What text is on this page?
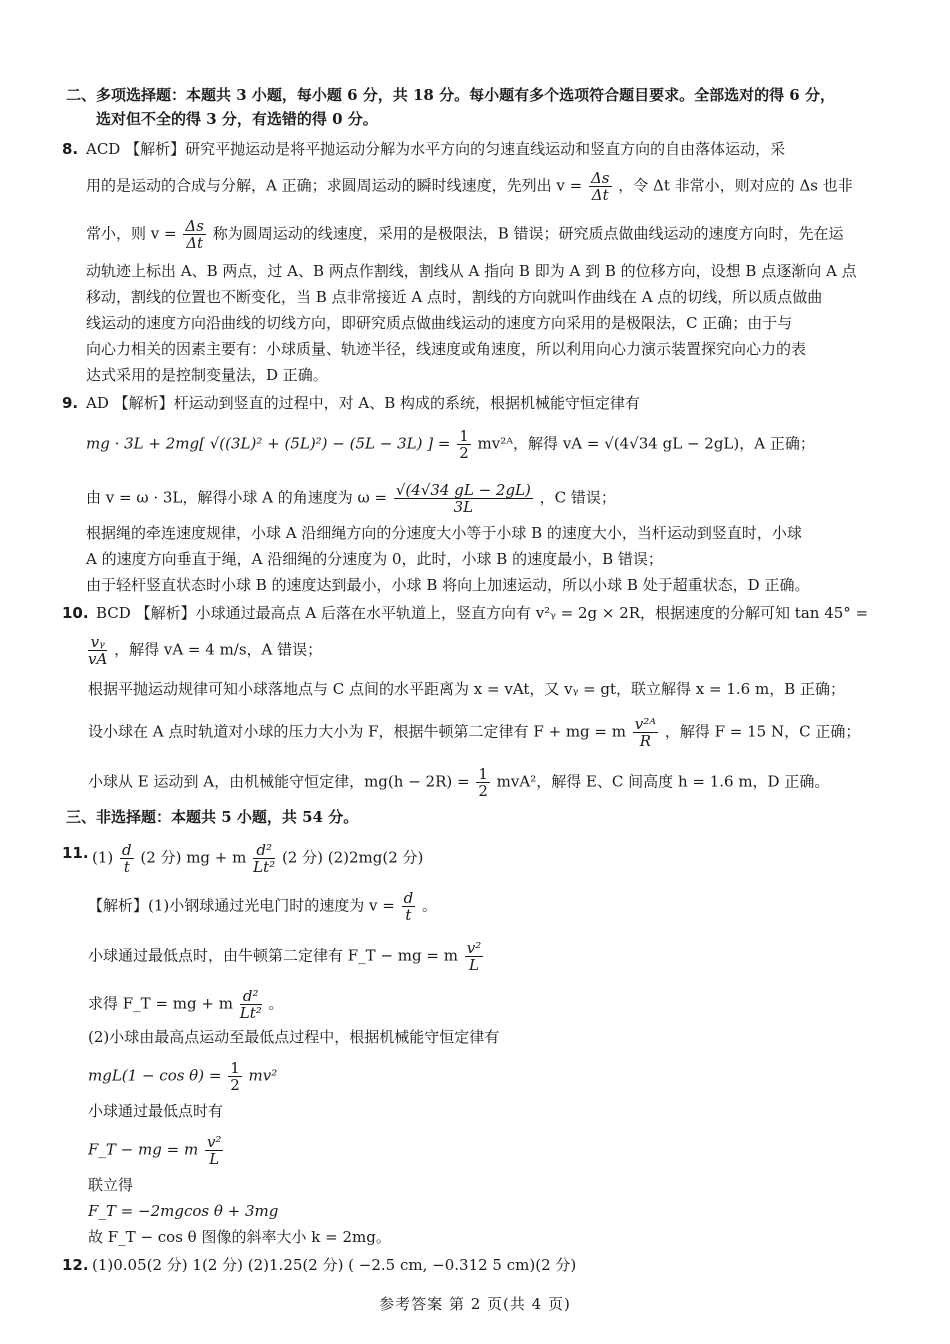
二、多项选择题：本题共 3 小题，每小题 6 分，共 18 分。每小题有多个选项符合题目要求。全部选对的得 6 分，
选对但不全的得 3 分，有选错的得 0 分。
8. ACD 【解析】研究平抛运动是将平抛运动分解为水平方向的匀速直线运动和竖直方向的自由落体运动，采
用的是运动的合成与分解，A 正确；求圆周运动的瞬时线速度，先列出 $v = \frac{\Delta s}{\Delta t}$ ，令 Δt 非常小，则对应的 Δs 也非
常小，则 $v = \frac{\Delta s}{\Delta t}$ 称为圆周运动的线速度，采用的是极限法，B 错误；研究质点做曲线运动的速度方向时，先在运
动轨迹上标出 A、B 两点，过 A、B 两点作割线，割线从 A 指向 B 即为 A 到 B 的位移方向，设想 B 点逐渐向 A 点
移动，割线的位置也不断变化，当 B 点非常接近 A 点时，割线的方向就叫作曲线在 A 点的切线，所以质点做曲
线运动的速度方向沿曲线的切线方向，即研究质点做曲线运动的速度方向采用的是极限法，C 正确；由于与
向心力相关的因素主要有：小球质量、轨迹半径，线速度或角速度，所以利用向心力演示装置探究向心力的表
达式采用的是控制变量法，D 正确。
9. AD 【解析】杆运动到竖直的过程中，对 A、B 构成的系统，根据机械能守恒定律有
mg · 3L + 2mg[ √((3L)² + (5L)²) − (5L − 3L) ] = $\frac{1}{2}$ mv²ᴬ，解得 vA = √(4√34 gL − 2gL)，A 正确；
由 v = ω · 3L，解得小球 A 的角速度为 $\omega = \frac{√(4√34 gL - 2gL)}{3L}$ ，C 错误；
根据绳的牵连速度规律，小球 A 沿细绳方向的分速度大小等于小球 B 的速度大小，当杆运动到竖直时，小球
A 的速度方向垂直于绳，A 沿细绳的分速度为 0，此时，小球 B 的速度最小，B 错误；
由于轻杆竖直状态时小球 B 的速度达到最小，小球 B 将向上加速运动，所以小球 B 处于超重状态，D 正确。
10. BCD 【解析】小球通过最高点 A 后落在水平轨道上，竖直方向有 v²ᵧ = 2g × 2R，根据速度的分解可知 tan 45° =
$\frac{\text{vᵧ}}{vA}$ ，解得 vA = 4 m/s，A 错误；
根据平抛运动规律可知小球落地点与 C 点间的水平距离为 x = vAt，又 vᵧ = gt，联立解得 x = 1.6 m，B 正确；
设小球在 A 点时轨道对小球的压力大小为 F，根据牛顿第二定律有 F + mg = m $\frac{\text{v²ᴬ}}{R}$ ，解得 F = 15 N，C 正确；
小球从 E 运动到 A，由机械能守恒定律，$mg(h - 2R) = \frac{1}{2} mvA^2$，解得 E、C 间高度 h = 1.6 m，D 正确。
三、非选择题：本题共 5 小题，共 54 分。
11. $(1) \frac{d}{t} (2$ 分) mg + m $\frac{\text{d²}}{\text{Lt²}} (2$ 分) (2)2mg(2 分)
【解析】(1)小钢球通过光电门时的速度为 $v = \frac{d}{t}$ 。
小球通过最低点时，由牛顿第二定律有 F_T − mg = m $\frac{\text{v²}}{L}$
求得 F_T = mg + m $\frac{\text{d²}}{\text{Lt²}}$ 。
(2)小球由最高点运动至最低点过程中，根据机械能守恒定律有
$mgL(1 - \cos \theta) = \frac{1}{2} mv^2$
小球通过最低点时有
F_T − mg = m $\frac{\text{v²}}{L}$
联立得
F_T = −2mgcos θ + 3mg
故 F_T − cos θ 图像的斜率大小 k = 2mg。
12. (1)0.05(2 分) 1(2 分) (2)1.25(2 分) ( −2.5 cm, −0.312 5 cm)(2 分)
参考答案 第 2 页(共 4 页)
